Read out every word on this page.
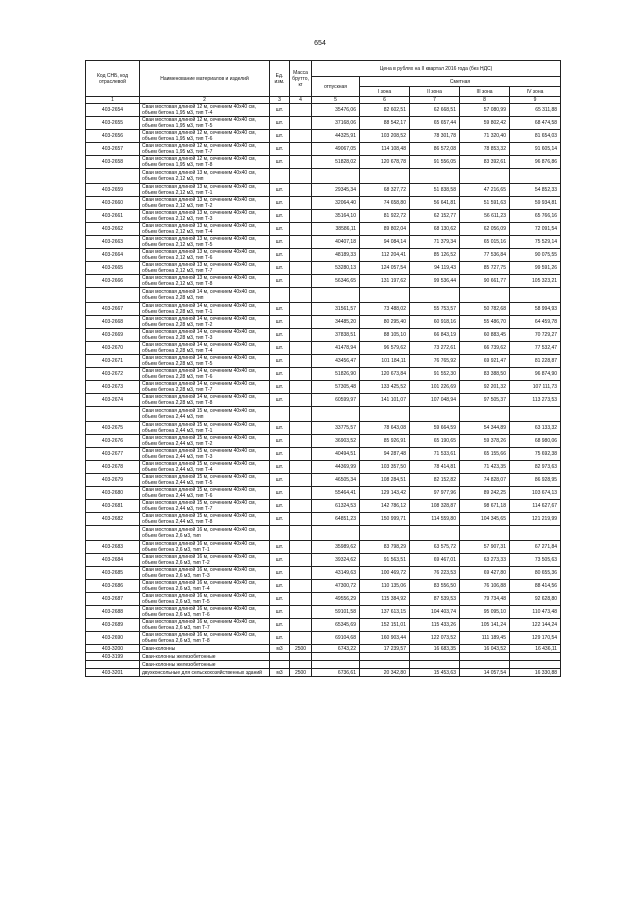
654
Код СНБ, код отраслевой	Наименование материалов и изделий	Ед. изм.	Масса брутто, кг	Цена в рублях на II квартал 2016 года (без НДС)				
				отпускная	Сметная			
					I зона	II зона	III зона	IV зона
1	2	3	4	5	6	7	8	9
403-2654	Сваи мостовая длиной 12 м, сечением 40х40 см, объем бетона 1,95 м3, тип Т-4	шт.		35476,06	82 602,51	62 668,51	57 080,99	65 311,88
403-2655	Сваи мостовая длиной 12 м, сечением 40х40 см, объем бетона 1,95 м3, тип Т-5	шт.		37168,06	88 542,17	65 657,44	59 802,42	68 474,58
403-2656	Сваи мостовая длиной 12 м, сечением 40х40 см, объем бетона 1,95 м3, тип Т-6	шт.		44325,91	103 208,52	78 301,78	71 320,40	81 654,03
403-2657	Сваи мостовая длиной 12 м, сечением 40х40 см, объем бетона 1,95 м3, тип Т-7	шт.		49067,05	114 108,48	86 572,08	78 853,32	91 605,14
403-2658	Сваи мостовая длиной 12 м, сечением 40х40 см, объем бетона 1,95 м3, тип Т-8	шт.		51828,02	120 678,78	91 556,05	83 392,61	96 876,86
	Сваи мостовая длиной 13 м, сечением 40х40 см, объем бетона 2,12 м3, тип							
403-2659	Сваи мостовая длиной 13 м, сечением 40х40 см, объем бетона 2,12 м3, тип Т-1	шт.		29345,34	68 327,72	51 838,58	47 216,65	54 852,33
403-2660	Сваи мостовая длиной 13 м, сечением 40х40 см, объем бетона 2,12 м3, тип Т-2	шт.		32064,40	74 658,80	56 641,81	51 591,63	59 934,81
403-2661	Сваи мостовая длиной 13 м, сечением 40х40 см, объем бетона 2,12 м3, тип Т-3	шт.		35164,10	81 922,72	62 152,77	56 611,23	65 766,16
403-2662	Сваи мостовая длиной 13 м, сечением 40х40 см, объем бетона 2,12 м3, тип Т-4	шт.		38586,11	89 802,04	68 130,62	62 056,09	72 091,54
403-2663	Сваи мостовая длиной 13 м, сечением 40х40 см, объем бетона 2,12 м3, тип Т-5	шт.		40407,18	94 084,14	71 379,34	65 015,16	75 529,14
403-2664	Сваи мостовая длиной 13 м, сечением 40х40 см, объем бетона 2,12 м3, тип Т-6	шт.		48189,33	112 204,41	85 126,52	77 536,84	90 075,55
403-2665	Сваи мостовая длиной 13 м, сечением 40х40 см, объем бетона 2,12 м3, тип Т-7	шт.		53280,13	124 057,54	94 119,43	85 727,75	99 591,26
403-2666	Сваи мостовая длиной 13 м, сечением 40х40 см, объем бетона 2,12 м3, тип Т-8	шт.		56346,65	131 197,62	99 536,44	90 661,77	105 323,21
	Сваи мостовая длиной 14 м, сечением 40х40 см, объем бетона 2,28 м3, тип							
403-2667	Сваи мостовая длиной 14 м, сечением 40х40 см, объем бетона 2,28 м3, тип Т-1	шт.		31561,57	73 488,02	55 753,57	50 782,68	58 994,93
403-2668	Сваи мостовая длиной 14 м, сечением 40х40 см, объем бетона 2,28 м3, тип Т-2	шт.		34485,20	80 295,40	60 918,16	55 486,70	64 459,78
403-2669	Сваи мостовая длиной 14 м, сечением 40х40 см, объем бетона 2,28 м3, тип Т-3	шт.		37838,51	88 105,10	66 843,19	60 883,45	70 729,27
403-2670	Сваи мостовая длиной 14 м, сечением 40х40 см, объем бетона 2,28 м3, тип Т-4	шт.		41478,94	96 579,62	73 272,61	66 739,62	77 532,47
403-2671	Сваи мостовая длиной 14 м, сечением 40х40 см, объем бетона 2,28 м3, тип Т-5	шт.		43456,47	101 184,11	76 765,92	69 921,47	81 228,87
403-2672	Сваи мостовая длиной 14 м, сечением 40х40 см, объем бетона 2,28 м3, тип Т-6	шт.		51826,90	120 673,84	91 552,30	83 388,50	96 874,90
403-2673	Сваи мостовая длиной 14 м, сечением 40х40 см, объем бетона 2,28 м3, тип Т-7	шт.		57305,48	133 425,52	101 226,69	92 201,32	107 111,73
403-2674	Сваи мостовая длиной 14 м, сечением 40х40 см, объем бетона 2,28 м3, тип Т-8	шт.		60599,97	141 101,07	107 048,94	97 505,37	113 273,53
	Сваи мостовая длиной 15 м, сечением 40х40 см, объем бетона 2,44 м3, тип							
403-2675	Сваи мостовая длиной 15 м, сечением 40х40 см, объем бетона 2,44 м3, тип Т-1	шт.		33775,57	78 643,08	59 664,59	54 344,89	63 133,32
403-2676	Сваи мостовая длиной 15 м, сечением 40х40 см, объем бетона 2,44 м3, тип Т-2	шт.		36903,52	85 926,91	65 190,65	59 378,26	68 980,06
403-2677	Сваи мостовая длиной 15 м, сечением 40х40 см, объем бетона 2,44 м3, тип Т-3	шт.		40494,51	94 287,48	71 533,61	65 155,66	75 692,38
403-2678	Сваи мостовая длиной 15 м, сечением 40х40 см, объем бетона 2,44 м3, тип Т-4	шт.		44369,99	103 357,50	78 414,81	71 423,35	82 973,63
403-2679	Сваи мостовая длиной 15 м, сечением 40х40 см, объем бетона 2,44 м3, тип Т-5	шт.		46505,34	108 284,51	82 152,82	74 828,07	86 928,95
403-2680	Сваи мостовая длиной 15 м, сечением 40х40 см, объем бетона 2,44 м3, тип Т-6	шт.		55464,41	129 143,42	97 977,96	89 242,25	103 674,13
403-2681	Сваи мостовая длиной 15 м, сечением 40х40 см, объем бетона 2,44 м3, тип Т-7	шт.		61324,53	142 786,12	108 328,87	98 671,18	114 627,67
403-2682	Сваи мостовая длиной 15 м, сечением 40х40 см, объем бетона 2,44 м3, тип Т-8	шт.		64851,23	150 999,71	114 559,80	104 345,65	121 219,99
	Сваи мостовая длиной 16 м, сечением 40х40 см, объем бетона 2,6 м3, тип							
403-2683	Сваи мостовая длиной 16 м, сечением 40х40 см, объем бетона 2,6 м3, тип Т-1	шт.		35989,62	83 798,29	63 575,72	57 907,31	67 271,84
403-2684	Сваи мостовая длиной 16 м, сечением 40х40 см, объем бетона 2,6 м3, тип Т-2	шт.		39324,62	91 563,51	69 467,01	63 273,33	73 505,63
403-2685	Сваи мостовая длиной 16 м, сечением 40х40 см, объем бетона 2,6 м3, тип Т-3	шт.		43149,63	100 469,72	76 223,53	69 427,80	80 655,36
403-2686	Сваи мостовая длиной 16 м, сечением 40х40 см, объем бетона 2,6 м3, тип Т-4	шт.		47300,72	110 135,06	83 556,50	76 106,88	88 414,56
403-2687	Сваи мостовая длиной 16 м, сечением 40х40 см, объем бетона 2,6 м3, тип Т-5	шт.		49556,29	115 384,92	87 539,53	79 734,48	92 628,80
403-2688	Сваи мостовая длиной 16 м, сечением 40х40 см, объем бетона 2,6 м3, тип Т-6	шт.		59101,58	137 613,15	104 403,74	95 095,10	110 473,48
403-2689	Сваи мостовая длиной 16 м, сечением 40х40 см, объем бетона 2,6 м3, тип Т-7	шт.		65345,69	152 151,01	115 433,26	105 141,24	122 144,24
403-2690	Сваи мостовая длиной 16 м, сечением 40х40 см, объем бетона 2,6 м3, тип Т-8	шт.		69104,68	160 903,44	122 073,52	111 189,45	129 170,54
403-3200	Сваи-колонны	м3	2500	6743,22	17 239,57	16 683,35	16 043,52	16 436,11
403-3199	Сваи-колонны железобетонные							
	Сваи-колонны железобетонные							
403-3201	двухконсольные для сельскохозяйственных зданий	м3	2500	6736,61	20 342,80	15 453,63	14 057,54	16 330,88
